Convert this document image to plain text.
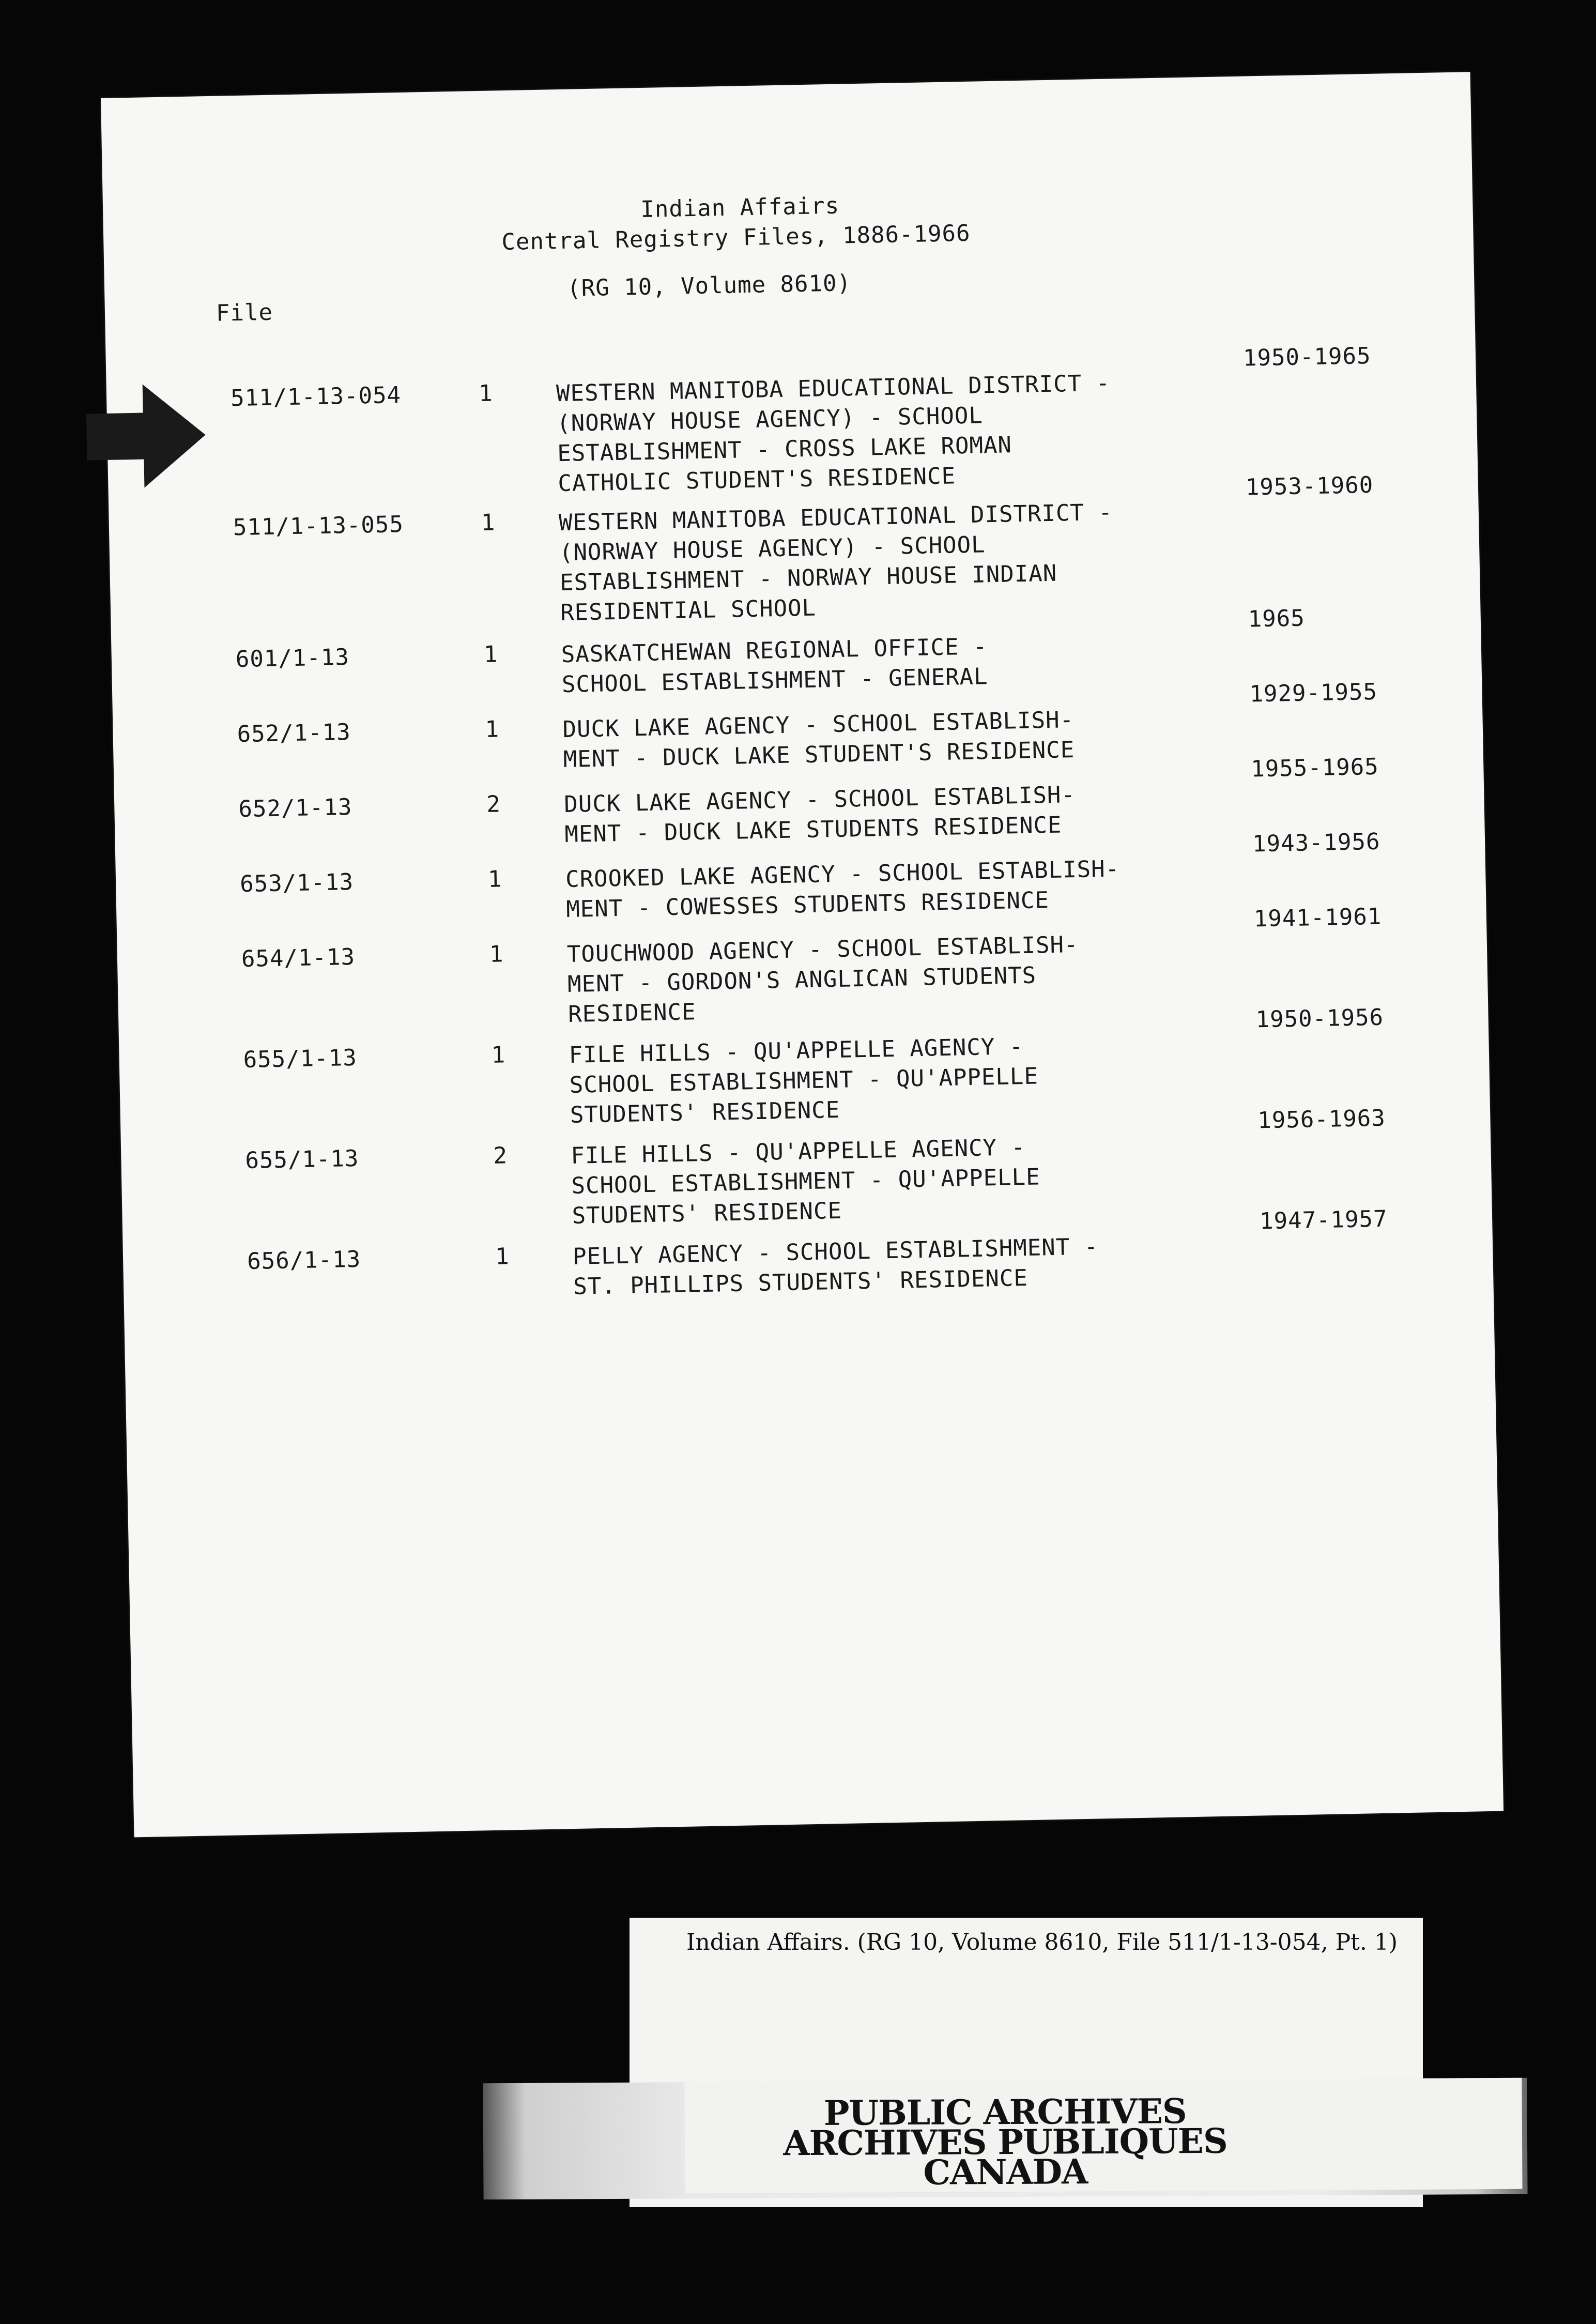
Indian Affairs
Central Registry Files, 1886-1966
(RG 10, Volume 8610)
File
511/1-13-054	1	WESTERN MANITOBA EDUCATIONAL DISTRICT -
(NORWAY HOUSE AGENCY) - SCHOOL
ESTABLISHMENT - CROSS LAKE ROMAN
CATHOLIC STUDENT'S RESIDENCE
1950-1965
511/1-13-055	1	WESTERN MANITOBA EDUCATIONAL DISTRICT -
(NORWAY HOUSE AGENCY) - SCHOOL
ESTABLISHMENT - NORWAY HOUSE INDIAN
RESIDENTIAL SCHOOL
1953-1960
601/1-13	1	SASKATCHEWAN REGIONAL OFFICE -
SCHOOL ESTABLISHMENT - GENERAL
1965
652/1-13	1	DUCK LAKE AGENCY - SCHOOL ESTABLISH-
MENT - DUCK LAKE STUDENT'S RESIDENCE
1929-1955
652/1-13	2	DUCK LAKE AGENCY - SCHOOL ESTABLISH-
MENT - DUCK LAKE STUDENTS RESIDENCE
1955-1965
653/1-13	1	CROOKED LAKE AGENCY - SCHOOL ESTABLISH-
MENT - COWESSES STUDENTS RESIDENCE
1943-1956
654/1-13	1	TOUCHWOOD AGENCY - SCHOOL ESTABLISH-
MENT - GORDON'S ANGLICAN STUDENTS
RESIDENCE
1941-1961
655/1-13	1	FILE HILLS - QU'APPELLE AGENCY -
SCHOOL ESTABLISHMENT - QU'APPELLE
STUDENTS' RESIDENCE
1950-1956
655/1-13	2	FILE HILLS - QU'APPELLE AGENCY -
SCHOOL ESTABLISHMENT - QU'APPELLE
STUDENTS' RESIDENCE
1956-1963
656/1-13	1	PELLY AGENCY - SCHOOL ESTABLISHMENT -
ST. PHILLIPS STUDENTS' RESIDENCE
1947-1957
Indian Affairs. (RG 10, Volume 8610, File 511/1-13-054, Pt. 1)
PUBLIC ARCHIVES
ARCHIVES PUBLIQUES
CANADA
